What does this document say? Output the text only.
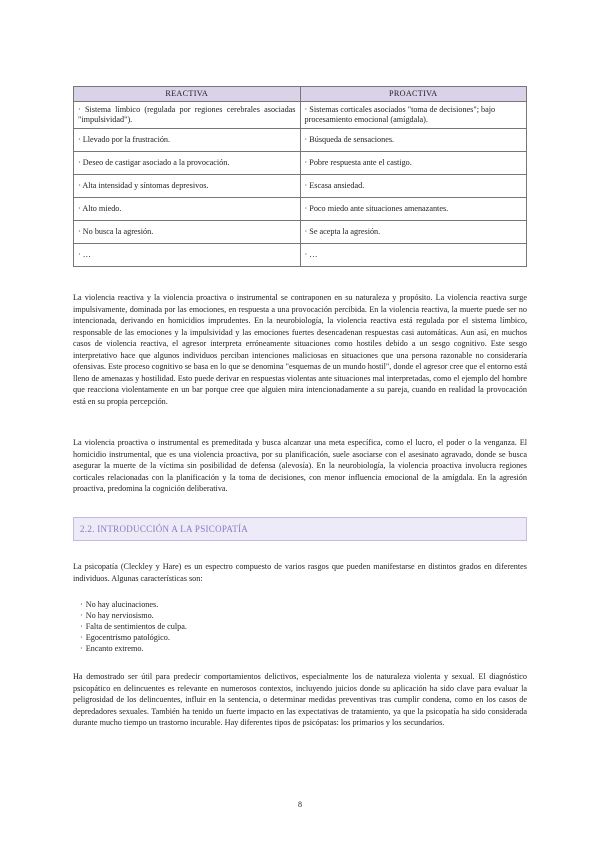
REACTIVA	PROACTIVA
· Sistema límbico (regulada por regiones cerebrales asociadas "impulsividad").	· Sistemas corticales asociados "toma de decisiones"; bajo procesamiento emocional (amígdala).
· Llevado por la frustración.	· Búsqueda de sensaciones.
· Deseo de castigar asociado a la provocación.	· Pobre respuesta ante el castigo.
· Alta intensidad y síntomas depresivos.	· Escasa ansiedad.
· Alto miedo.	· Poco miedo ante situaciones amenazantes.
· No busca la agresión.	· Se acepta la agresión.
· …	· …

La violencia reactiva y la violencia proactiva o instrumental se contraponen en su naturaleza y propósito. La violencia reactiva surge impulsivamente, dominada por las emociones, en respuesta a una provocación percibida. En la violencia reactiva, la muerte puede ser no intencionada, derivando en homicidios imprudentes. En la neurobiología, la violencia reactiva está regulada por el sistema límbico, responsable de las emociones y la impulsividad y las emociones fuertes desencadenan respuestas casi automáticas. Aun así, en muchos casos de violencia reactiva, el agresor interpreta erróneamente situaciones como hostiles debido a un sesgo cognitivo. Este sesgo interpretativo hace que algunos individuos perciban intenciones maliciosas en situaciones que una persona razonable no consideraría ofensivas. Este proceso cognitivo se basa en lo que se denomina "esquemas de un mundo hostil", donde el agresor cree que el entorno está lleno de amenazas y hostilidad. Esto puede derivar en respuestas violentas ante situaciones mal interpretadas, como el ejemplo del hombre que reacciona violentamente en un bar porque cree que alguien mira intencionadamente a su pareja, cuando en realidad la provocación está en su propia percepción.

La violencia proactiva o instrumental es premeditada y busca alcanzar una meta específica, como el lucro, el poder o la venganza. El homicidio instrumental, que es una violencia proactiva, por su planificación, suele asociarse con el asesinato agravado, donde se busca asegurar la muerte de la víctima sin posibilidad de defensa (alevosía). En la neurobiología, la violencia proactiva involucra regiones corticales relacionadas con la planificación y la toma de decisiones, con menor influencia emocional de la amígdala. En la agresión proactiva, predomina la cognición deliberativa.

2.2. INTRODUCCIÓN A LA PSICOPATÍA

La psicopatía (Cleckley y Hare) es un espectro compuesto de varios rasgos que pueden manifestarse en distintos grados en diferentes individuos. Algunas características son:

· No hay alucinaciones.
· No hay nerviosismo.
· Falta de sentimientos de culpa.
· Egocentrismo patológico.
· Encanto extremo.

Ha demostrado ser útil para predecir comportamientos delictivos, especialmente los de naturaleza violenta y sexual. El diagnóstico psicopático en delincuentes es relevante en numerosos contextos, incluyendo juicios donde su aplicación ha sido clave para evaluar la peligrosidad de los delincuentes, influir en la sentencia, o determinar medidas preventivas tras cumplir condena, como en los casos de depredadores sexuales. También ha tenido un fuerte impacto en las expectativas de tratamiento, ya que la psicopatía ha sido considerada durante mucho tiempo un trastorno incurable. Hay diferentes tipos de psicópatas: los primarios y los secundarios.

8
